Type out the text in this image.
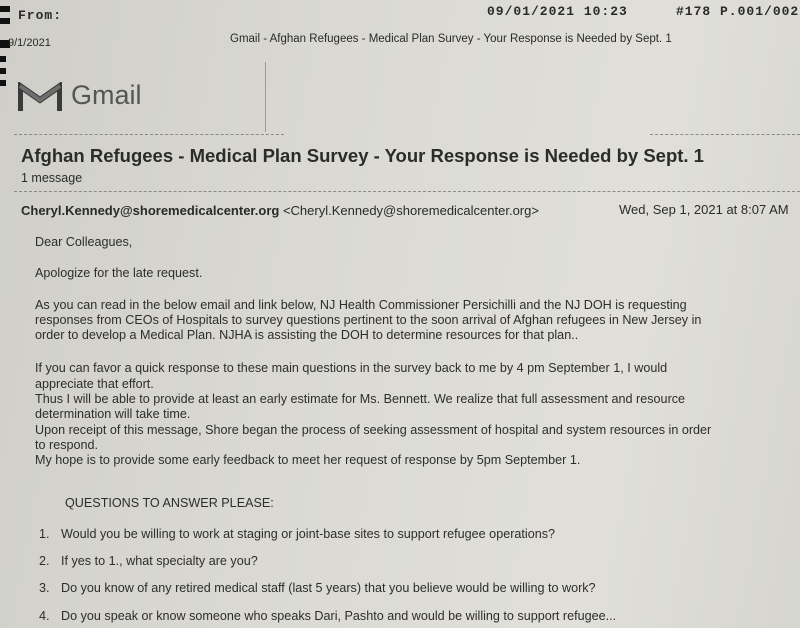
From:	09/01/2021 10:23	#178 P.001/002
9/1/2021	Gmail - Afghan Refugees - Medical Plan Survey - Your Response is Needed by Sept. 1
Gmail
Afghan Refugees - Medical Plan Survey - Your Response is Needed by Sept. 1
1 message
Cheryl.Kennedy@shoremedicalcenter.org <Cheryl.Kennedy@shoremedicalcenter.org>	Wed, Sep 1, 2021 at 8:07 AM

Dear Colleagues,

Apologize for the late request.

As you can read in the below email and link below, NJ Health Commissioner Persichilli and the NJ DOH is requesting

responses from CEOs of Hospitals to survey questions pertinent to the soon arrival of Afghan refugees in New Jersey in

order to develop a Medical Plan. NJHA is assisting the DOH to determine resources for that plan..

If you can favor a quick response to these main questions in the survey back to me by 4 pm September 1, I would

appreciate that effort.

Thus I will be able to provide at least an early estimate for Ms. Bennett. We realize that full assessment and resource

determination will take time.

Upon receipt of this message, Shore began the process of seeking assessment of hospital and system resources in order

to respond.

My hope is to provide some early feedback to meet her request of response by 5pm September 1.

QUESTIONS TO ANSWER PLEASE:

1. Would you be willing to work at staging or joint-base sites to support refugee operations?

2. If yes to 1., what specialty are you?

3. Do you know of any retired medical staff (last 5 years) that you believe would be willing to work?

4. Do you speak or know someone who speaks Dari, Pashto and would be willing to support refugee...
